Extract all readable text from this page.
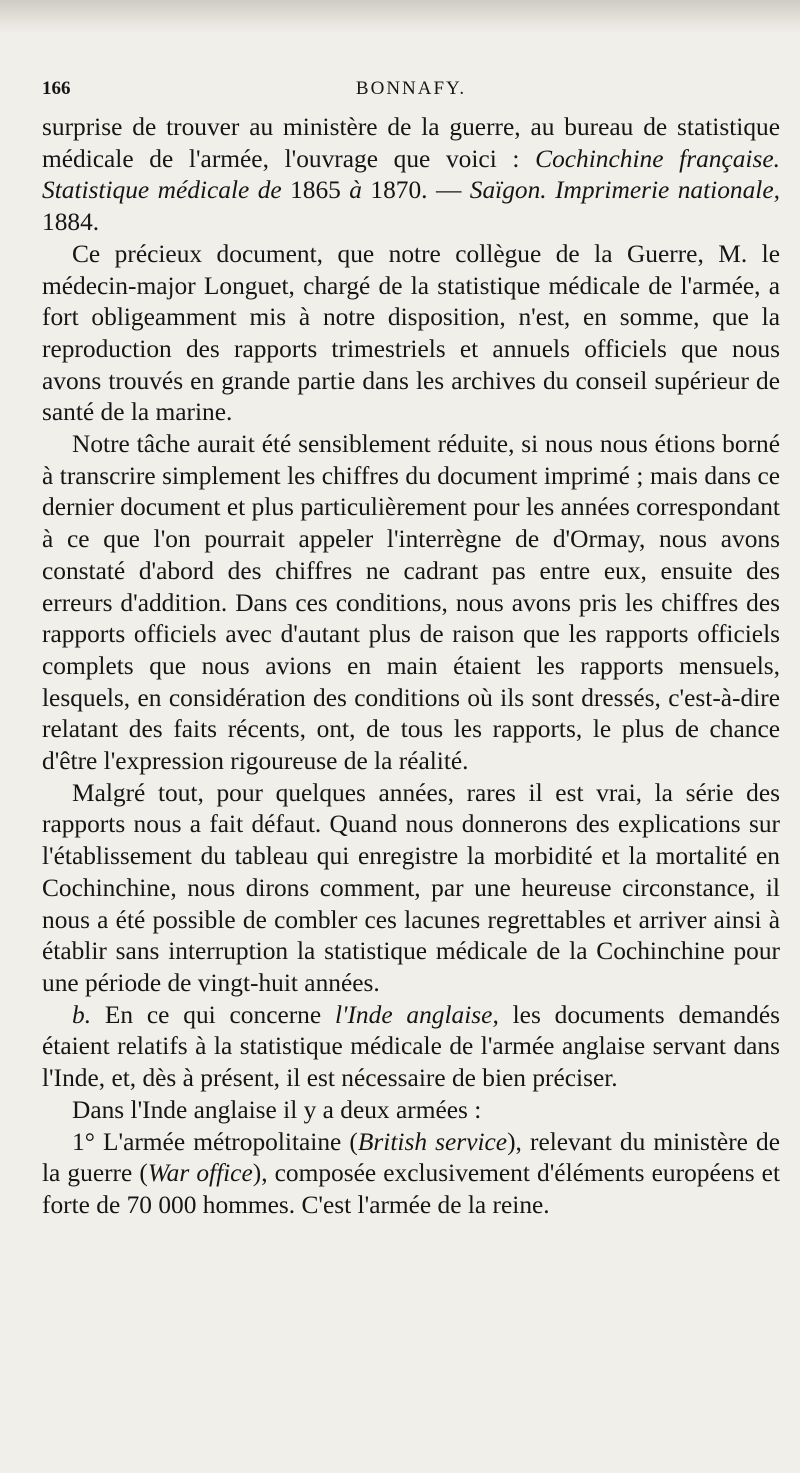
166	BONNAFY.

surprise de trouver au ministère de la guerre, au bureau de statistique médicale de l'armée, l'ouvrage que voici : Cochinchine française. Statistique médicale de 1865 à 1870. — Saïgon. Imprimerie nationale, 1884.

Ce précieux document, que notre collègue de la Guerre, M. le médecin-major Longuet, chargé de la statistique médicale de l'armée, a fort obligeamment mis à notre disposition, n'est, en somme, que la reproduction des rapports trimestriels et annuels officiels que nous avons trouvés en grande partie dans les archives du conseil supérieur de santé de la marine.

Notre tâche aurait été sensiblement réduite, si nous nous étions borné à transcrire simplement les chiffres du document imprimé ; mais dans ce dernier document et plus particulièrement pour les années correspondant à ce que l'on pourrait appeler l'interrègne de d'Ormay, nous avons constaté d'abord des chiffres ne cadrant pas entre eux, ensuite des erreurs d'addition. Dans ces conditions, nous avons pris les chiffres des rapports officiels avec d'autant plus de raison que les rapports officiels complets que nous avions en main étaient les rapports mensuels, lesquels, en considération des conditions où ils sont dressés, c'est-à-dire relatant des faits récents, ont, de tous les rapports, le plus de chance d'être l'expression rigoureuse de la réalité.

Malgré tout, pour quelques années, rares il est vrai, la série des rapports nous a fait défaut. Quand nous donnerons des explications sur l'établissement du tableau qui enregistre la morbidité et la mortalité en Cochinchine, nous dirons comment, par une heureuse circonstance, il nous a été possible de combler ces lacunes regrettables et arriver ainsi à établir sans interruption la statistique médicale de la Cochinchine pour une période de vingt-huit années.

b. En ce qui concerne l'Inde anglaise, les documents demandés étaient relatifs à la statistique médicale de l'armée anglaise servant dans l'Inde, et, dès à présent, il est nécessaire de bien préciser.

Dans l'Inde anglaise il y a deux armées :

1° L'armée métropolitaine (British service), relevant du ministère de la guerre (War office), composée exclusivement d'éléments européens et forte de 70 000 hommes. C'est l'armée de la reine.
